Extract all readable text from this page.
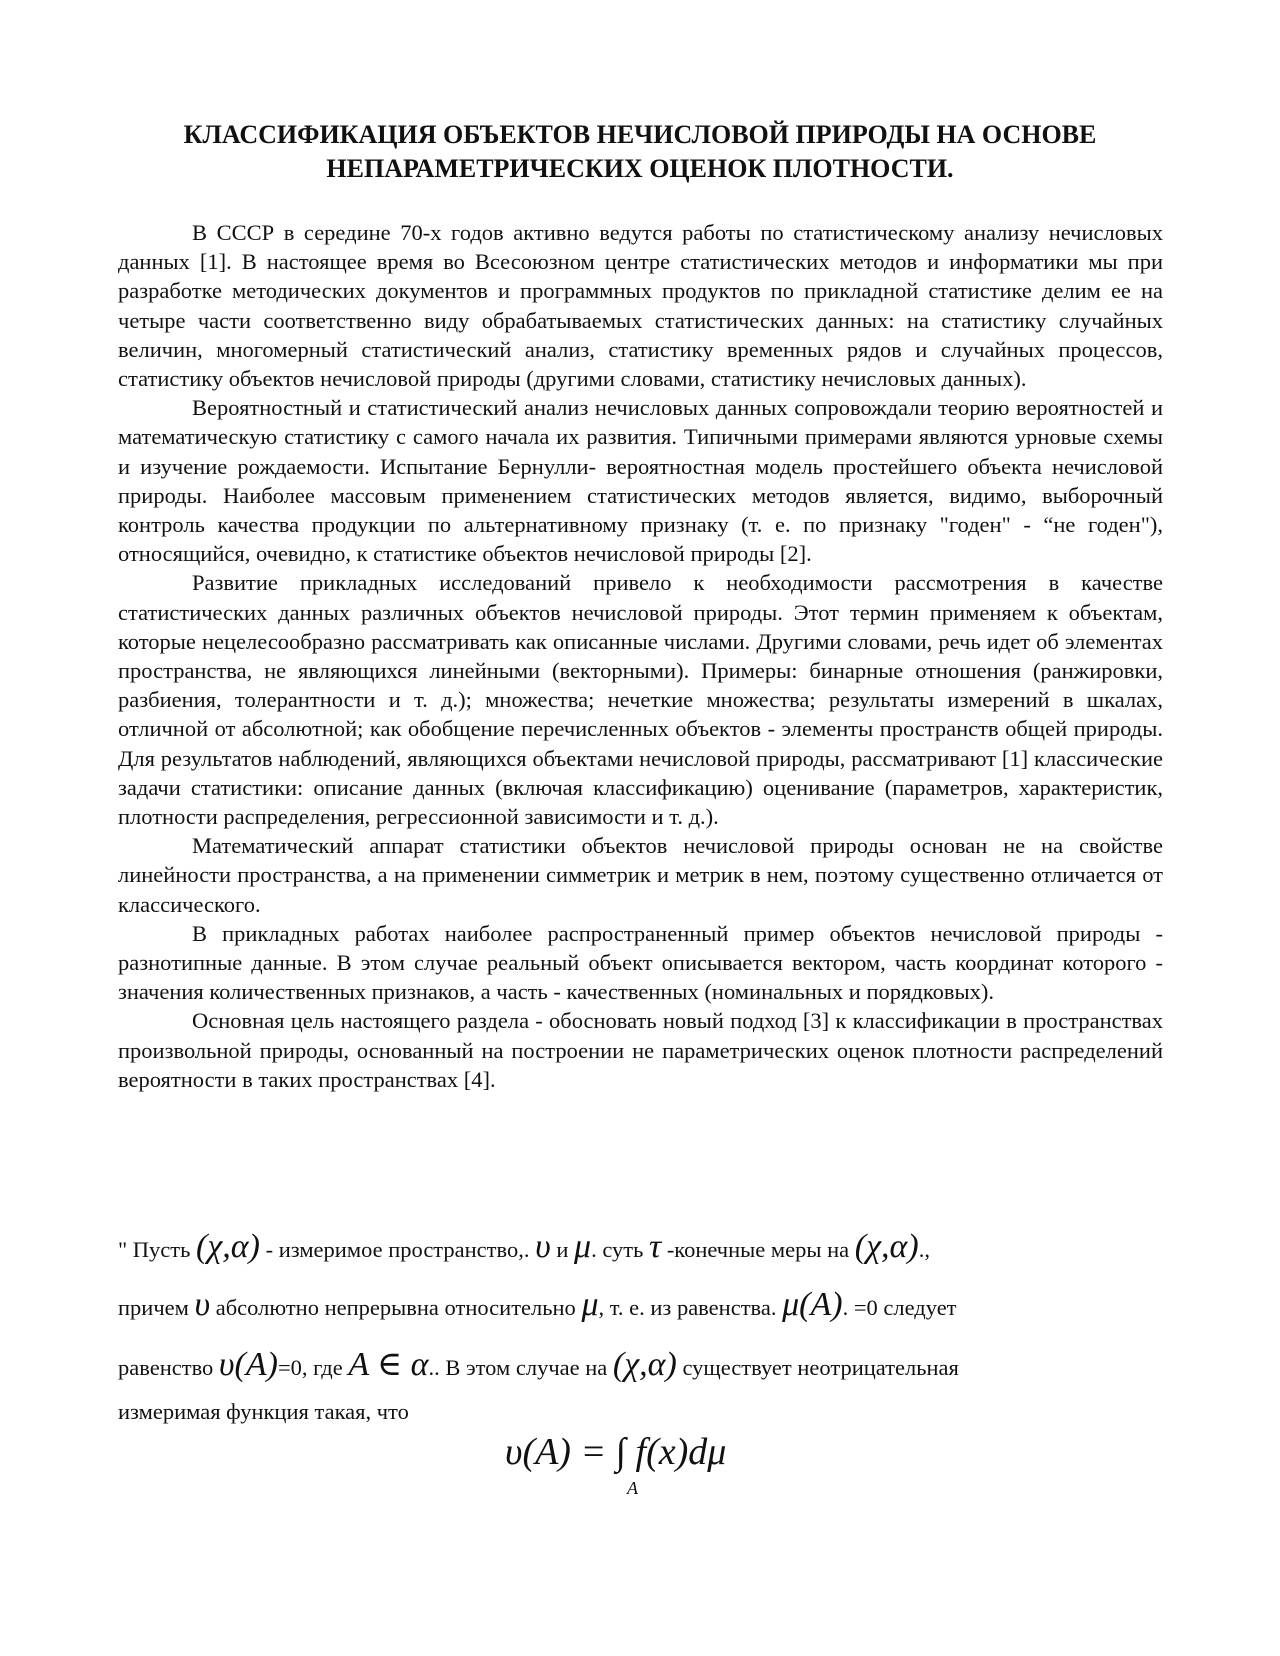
КЛАССИФИКАЦИЯ ОБЪЕКТОВ НЕЧИСЛОВОЙ ПРИРОДЫ НА ОСНОВЕ
НЕПАРАМЕТРИЧЕСКИХ ОЦЕНОК ПЛОТНОСТИ.

В СССР в середине 70-х годов активно ведутся работы по статистическому анализу нечисловых данных [1]. В настоящее время во Всесоюзном центре статистических методов и информатики мы при разработке методических документов и программных продуктов по прикладной статистике делим ее на четыре части соответственно виду обрабатываемых статистических данных: на статистику случайных величин, многомерный статистический анализ, статистику временных рядов и случайных процессов, статистику объектов нечисловой природы (другими словами, статистику нечисловых данных).

Вероятностный и статистический анализ нечисловых данных сопровождали теорию вероятностей и математическую статистику с самого начала их развития. Типичными примерами являются урновые схемы и изучение рождаемости. Испытание Бернулли- вероятностная модель простейшего объекта нечисловой природы. Наиболее массовым применением статистических методов является, видимо, выборочный контроль качества продукции по альтернативному признаку (т. е. по признаку "годен" - “не годен"), относящийся, очевидно, к статистике объектов нечисловой природы [2].

Развитие прикладных исследований привело к необходимости рассмотрения в качестве статистических данных различных объектов нечисловой природы. Этот термин применяем к объектам, которые нецелесообразно рассматривать как описанные числами. Другими словами, речь идет об элементах пространства, не являющихся линейными (векторными). Примеры: бинарные отношения (ранжировки, разбиения, толерантности и т. д.); множества; нечеткие множества; результаты измерений в шкалах, отличной от абсолютной; как обобщение перечисленных объектов - элементы пространств общей природы. Для результатов наблюдений, являющихся объектами нечисловой природы, рассматривают [1] классические задачи статистики: описание данных (включая классификацию) оценивание (параметров, характеристик, плотности распределения, регрессионной зависимости и т. д.).

Математический аппарат статистики объектов нечисловой природы основан не на свойстве линейности пространства, а на применении симметрик и метрик в нем, поэтому существенно отличается от классического.

В прикладных работах наиболее распространенный пример объектов нечисловой природы - разнотипные данные. В этом случае реальный объект описывается вектором, часть координат которого - значения количественных признаков, а часть - качественных (номинальных и порядковых).

Основная цель настоящего раздела - обосновать новый подход [3] к классификации в пространствах произвольной природы, основанный на построении не параметрических оценок плотности распределений вероятности в таких пространствах [4].

" Пусть (χ,α) - измеримое пространство,. υ и μ. суть τ -конечные меры на (χ,α).,
причем υ абсолютно непрерывна относительно μ, т. е. из равенства. μ(A). =0 следует
равенство υ(A)=0, где A ∈ α.. В этом случае на (χ,α) существует неотрицательная
измеримая функция такая, что
υ(A) = ∫ f(x)dμ
A
